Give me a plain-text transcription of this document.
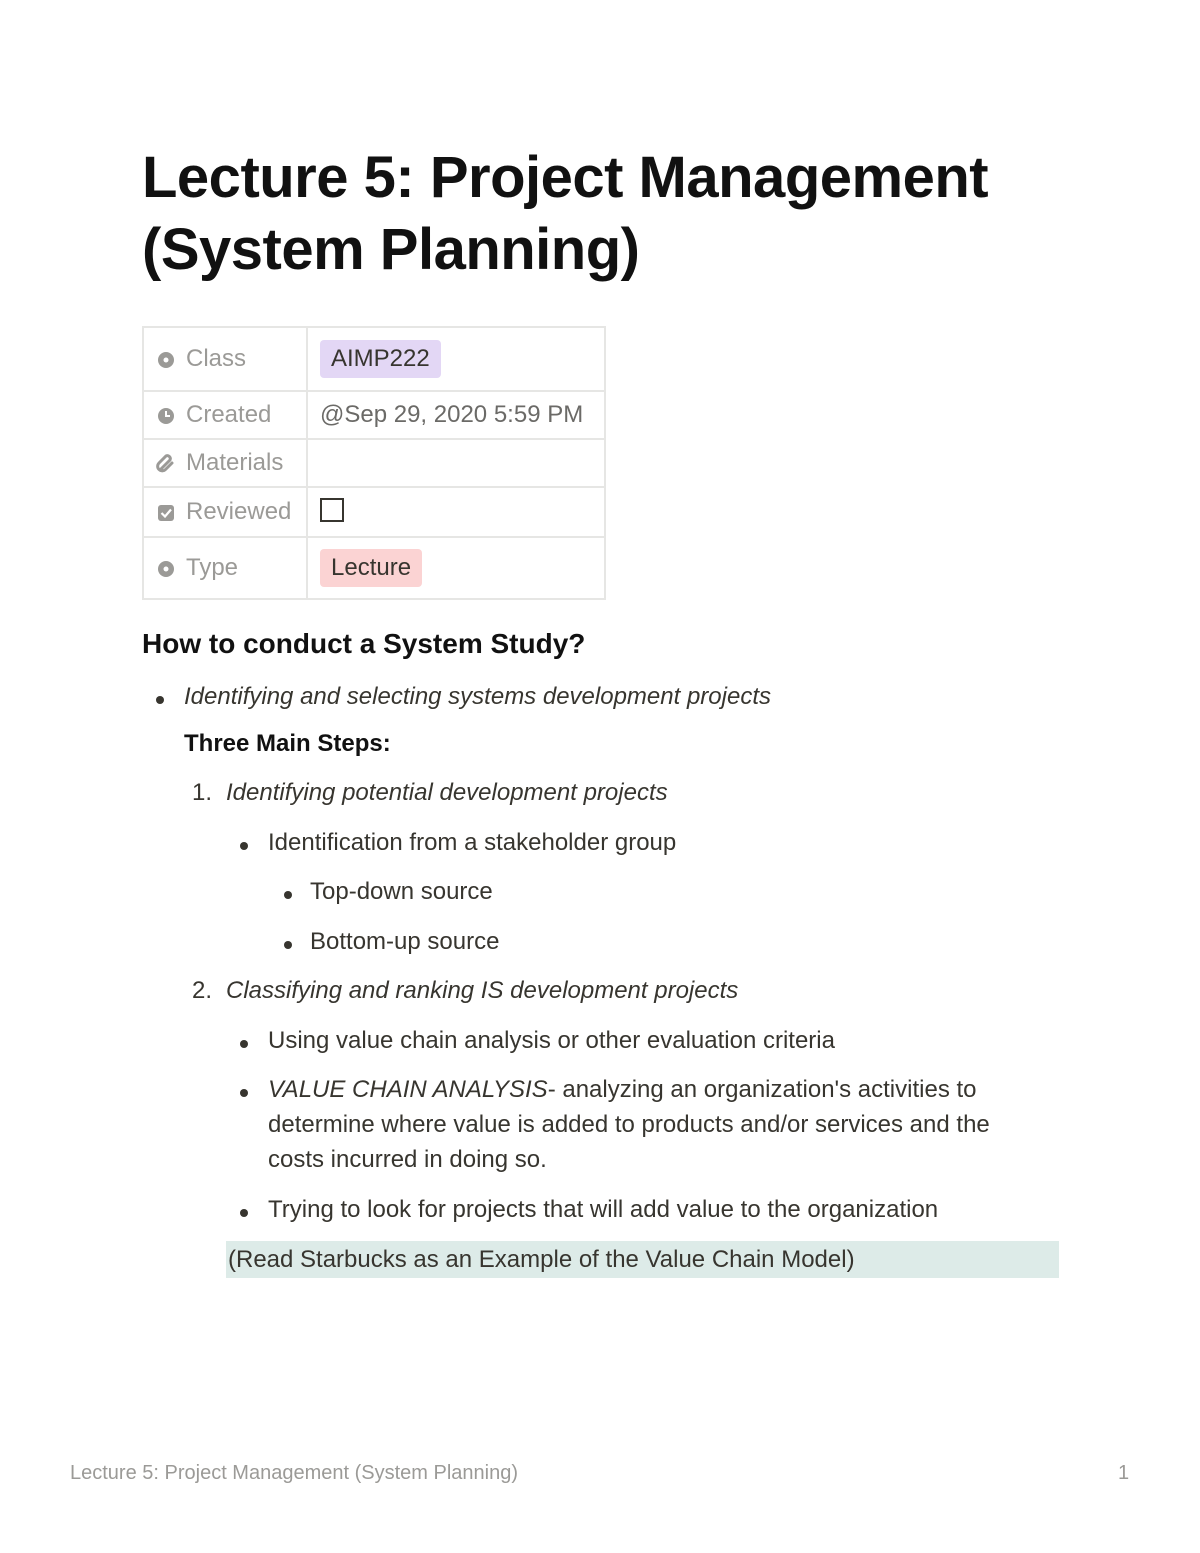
Lecture 5: Project Management
(System Planning)
Class	AIMP222
Created	@Sep 29, 2020 5:59 PM
Materials	
Reviewed	
Type	Lecture
How to conduct a System Study?
Identifying and selecting systems development projects
Three Main Steps:
1. Identifying potential development projects
Identification from a stakeholder group
Top-down source
Bottom-up source
2. Classifying and ranking IS development projects
Using value chain analysis or other evaluation criteria
VALUE CHAIN ANALYSIS- analyzing an organization's activities to
determine where value is added to products and/or services and the
costs incurred in doing so.
Trying to look for projects that will add value to the organization
(Read Starbucks as an Example of the Value Chain Model)
Lecture 5: Project Management (System Planning)	1
